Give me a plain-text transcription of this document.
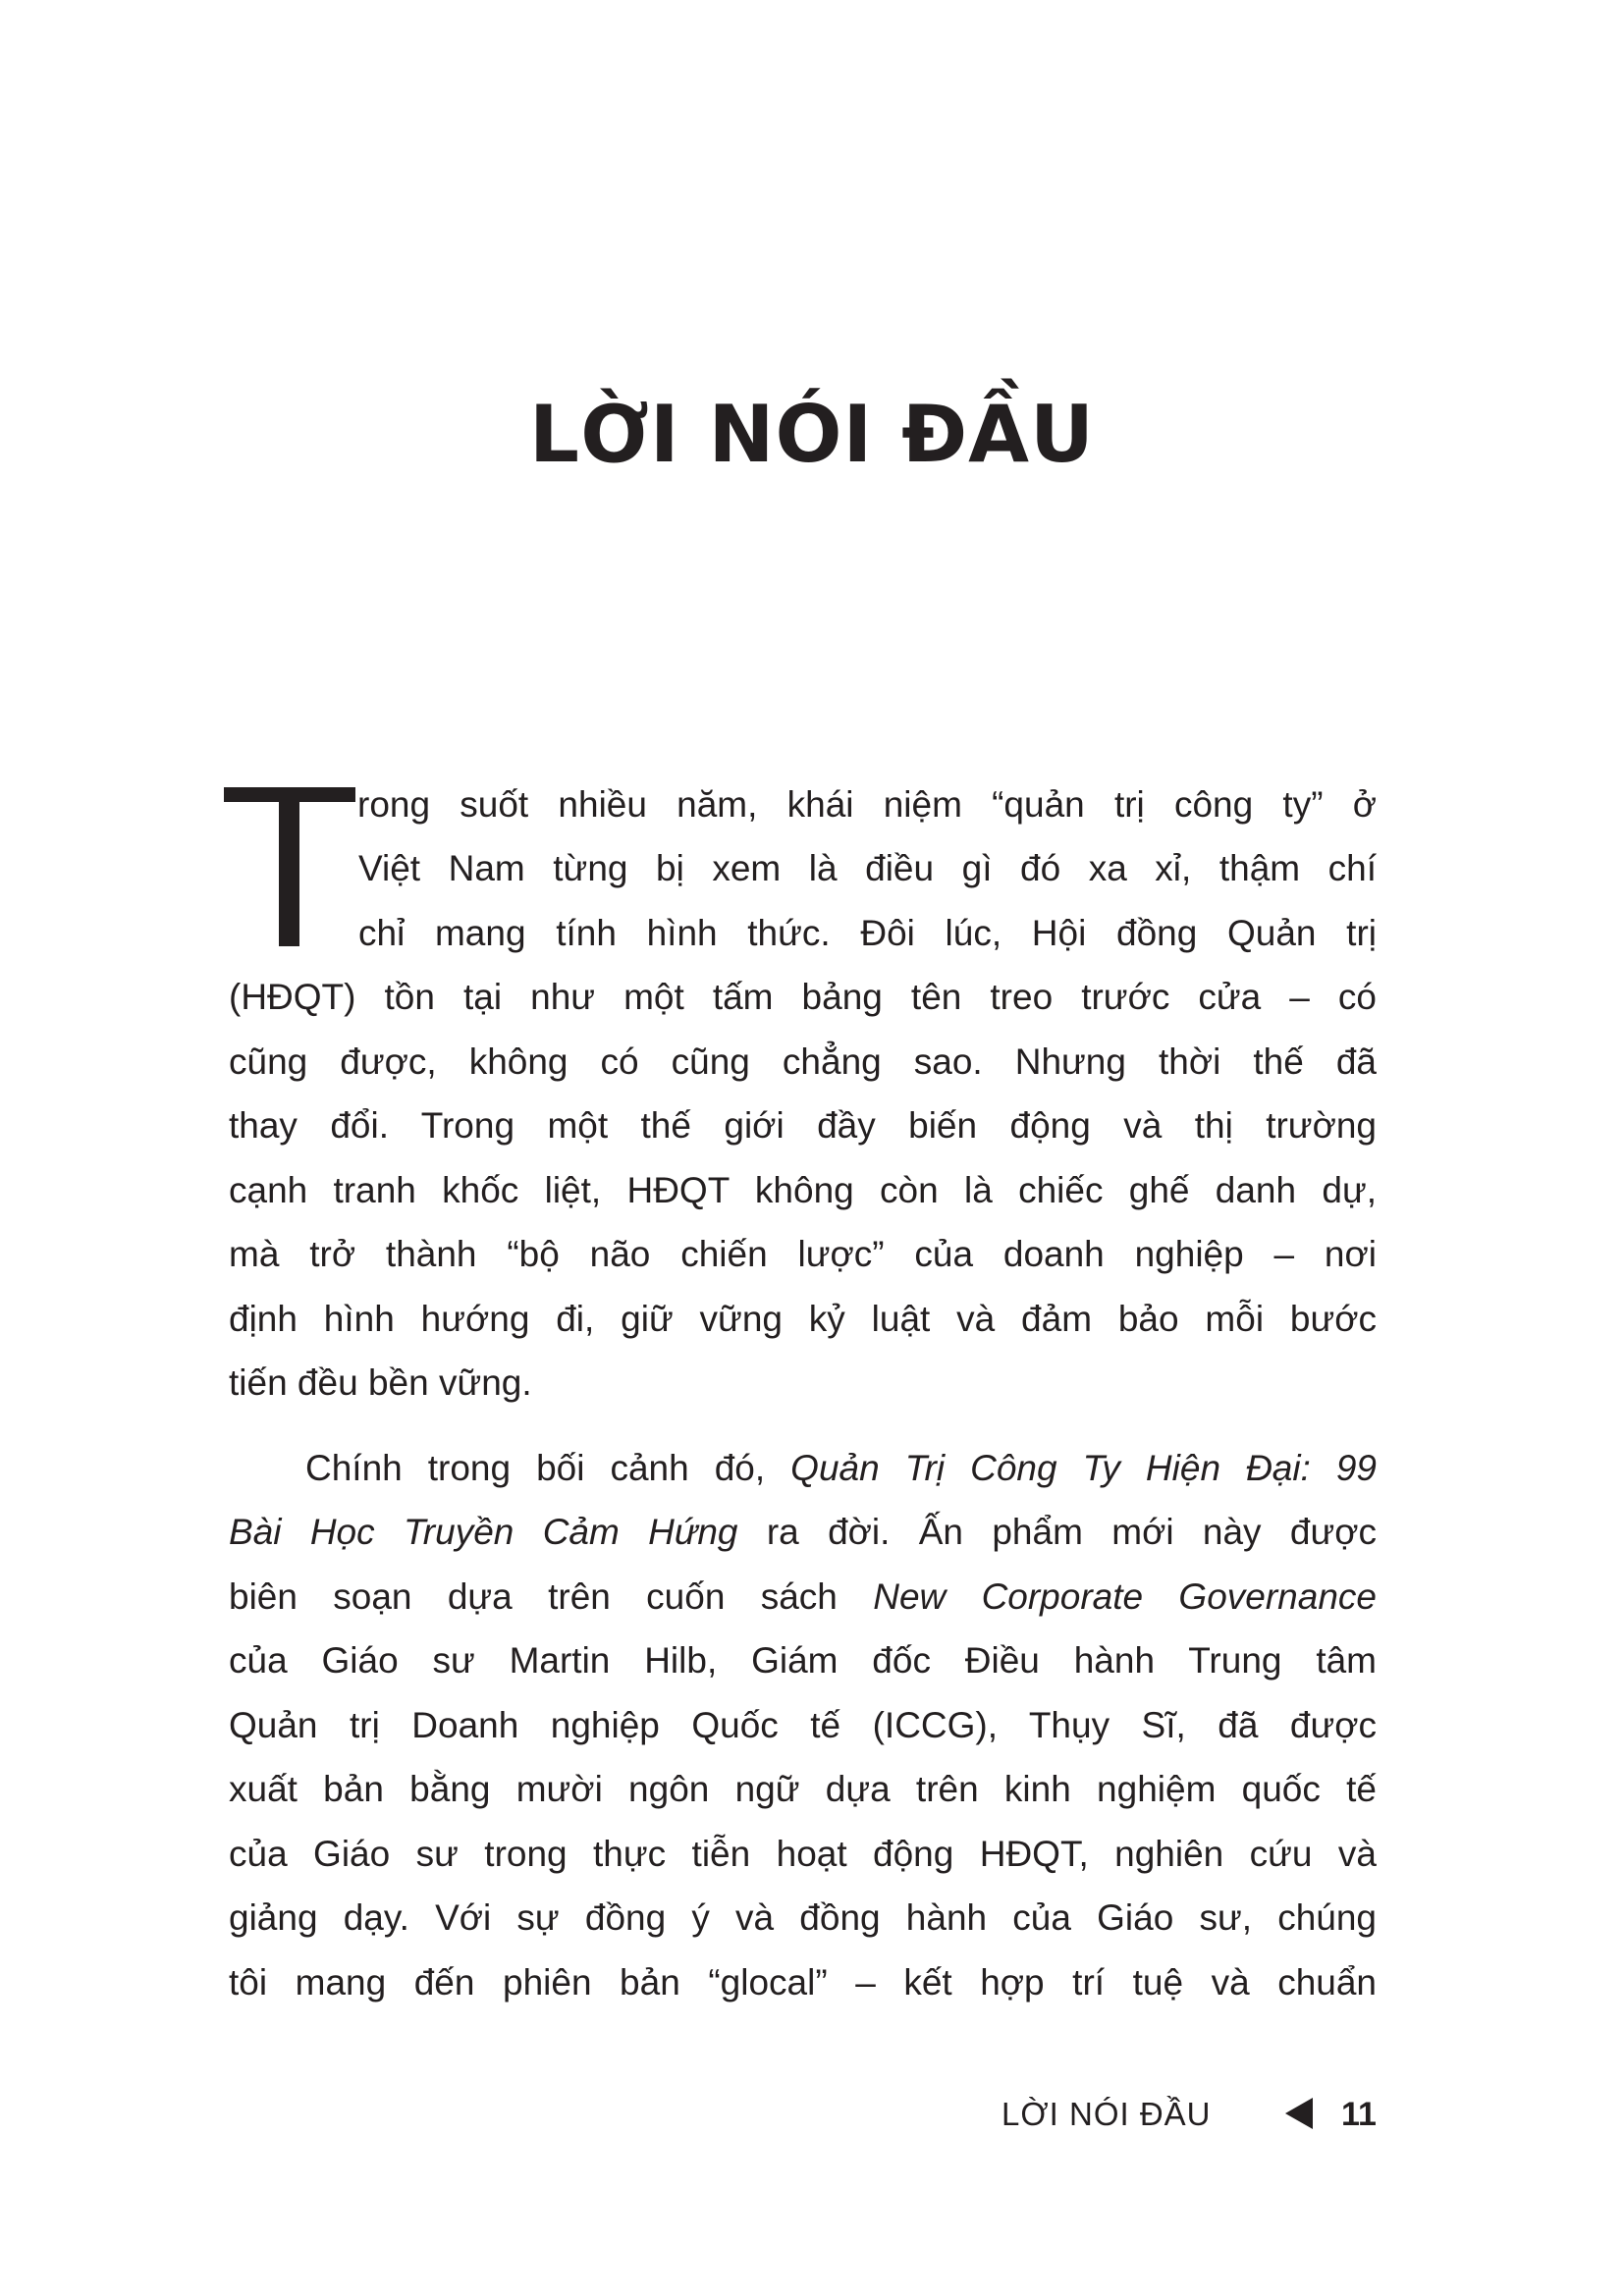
LỜI NÓI ĐẦU
rong suốt nhiều năm, khái niệm “quản trị công ty” ở
Việt Nam từng bị xem là điều gì đó xa xỉ, thậm chí
chỉ mang tính hình thức. Đôi lúc, Hội đồng Quản trị
(HĐQT) tồn tại như một tấm bảng tên treo trước cửa – có
cũng được, không có cũng chẳng sao. Nhưng thời thế đã
thay đổi. Trong một thế giới đầy biến động và thị trường
cạnh tranh khốc liệt, HĐQT không còn là chiếc ghế danh dự,
mà trở thành “bộ não chiến lược” của doanh nghiệp – nơi
định hình hướng đi, giữ vững kỷ luật và đảm bảo mỗi bước
tiến đều bền vững.
Chính trong bối cảnh đó, Quản Trị Công Ty Hiện Đại: 99
Bài Học Truyền Cảm Hứng ra đời. Ấn phẩm mới này được
biên soạn dựa trên cuốn sách New Corporate Governance
của Giáo sư Martin Hilb, Giám đốc Điều hành Trung tâm
Quản trị Doanh nghiệp Quốc tế (ICCG), Thụy Sĩ, đã được
xuất bản bằng mười ngôn ngữ dựa trên kinh nghiệm quốc tế
của Giáo sư trong thực tiễn hoạt động HĐQT, nghiên cứu và
giảng dạy. Với sự đồng ý và đồng hành của Giáo sư, chúng
tôi mang đến phiên bản “glocal” – kết hợp trí tuệ và chuẩn
LỜI NÓI ĐẦU	11
